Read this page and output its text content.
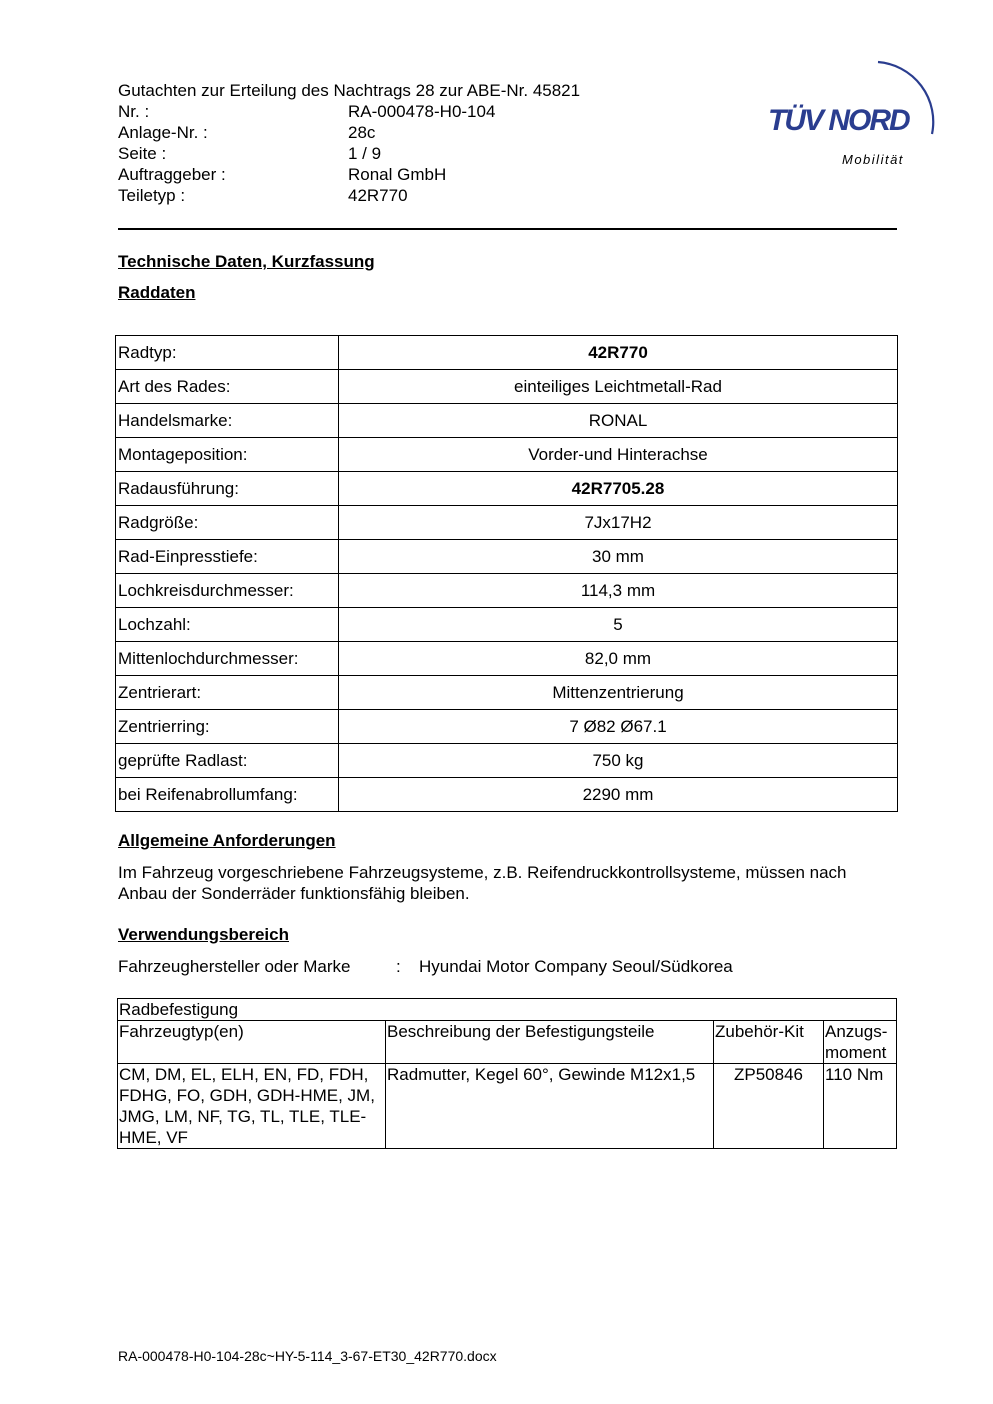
Gutachten zur Erteilung des Nachtrags 28 zur ABE-Nr. 45821
Nr. :	RA-000478-H0-104
Anlage-Nr. :	28c
Seite :	1 / 9
Auftraggeber :	Ronal GmbH
Teiletyp :	42R770
TÜV NORD
Mobilität
Technische Daten, Kurzfassung
Raddaten
Radtyp:	42R770
Art des Rades:	einteiliges Leichtmetall-Rad
Handelsmarke:	RONAL
Montageposition:	Vorder-und Hinterachse
Radausführung:	42R7705.28
Radgröße:	7Jx17H2
Rad-Einpresstiefe:	30 mm
Lochkreisdurchmesser:	114,3 mm
Lochzahl:	5
Mittenlochdurchmesser:	82,0 mm
Zentrierart:	Mittenzentrierung
Zentrierring:	7 Ø82 Ø67.1
geprüfte Radlast:	750 kg
bei Reifenabrollumfang:	2290 mm
Allgemeine Anforderungen
Im Fahrzeug vorgeschriebene Fahrzeugsysteme, z.B. Reifendruckkontrollsysteme, müssen nach Anbau der Sonderräder funktionsfähig bleiben.
Verwendungsbereich
Fahrzeughersteller oder Marke	:	Hyundai Motor Company Seoul/Südkorea
Radbefestigung			
Fahrzeugtyp(en)	Beschreibung der Befestigungsteile	Zubehör-Kit	Anzugs-moment
CM, DM, EL, ELH, EN, FD, FDH, FDHG, FO, GDH, GDH-HME, JM, JMG, LM, NF, TG, TL, TLE, TLE-HME, VF	Radmutter, Kegel 60°, Gewinde M12x1,5	ZP50846	110 Nm
RA-000478-H0-104-28c~HY-5-114_3-67-ET30_42R770.docx
